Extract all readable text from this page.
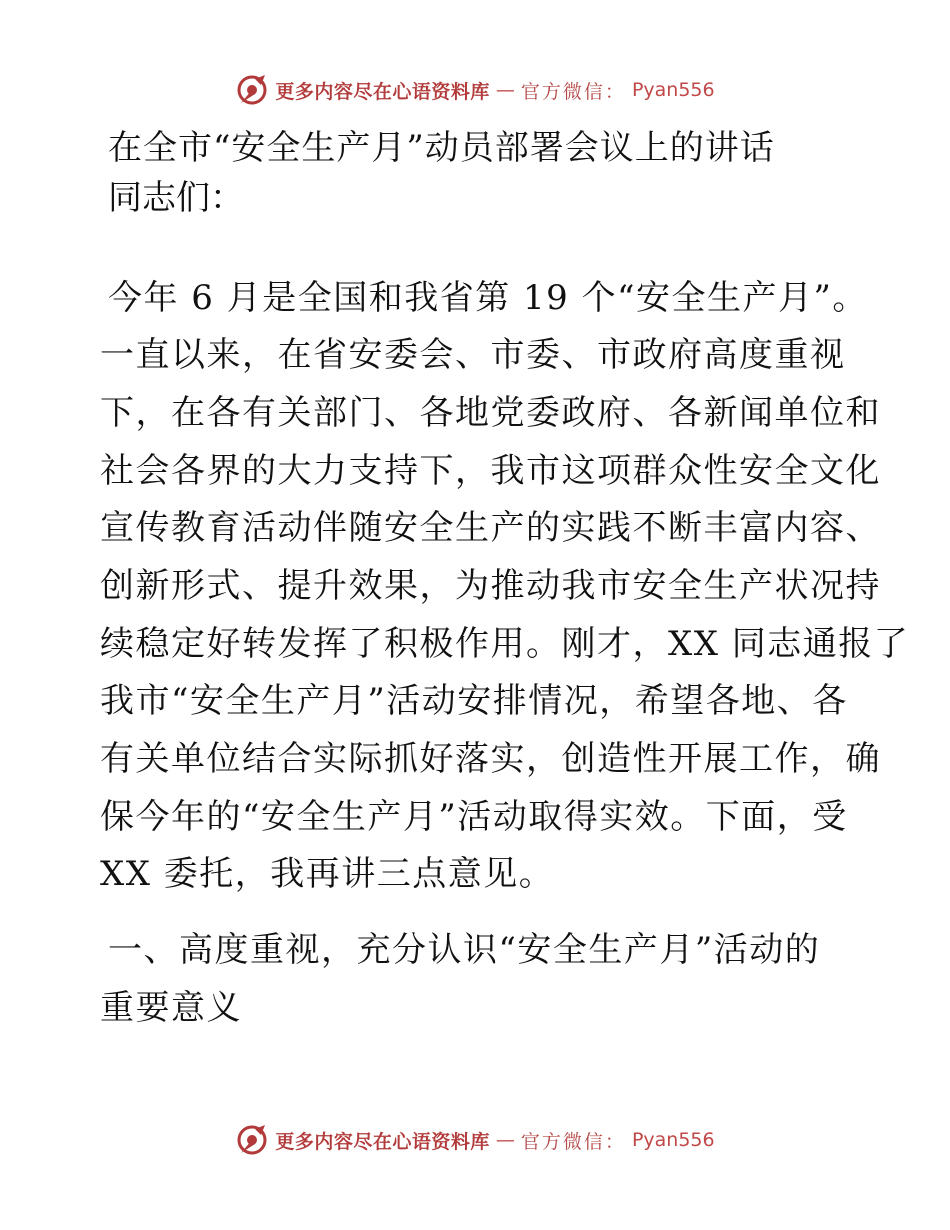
更多内容尽在心语资料库 — 官方微信： Pyan556
在全市“安全生产月”动员部署会议上的讲话
同志们：
今年 6 月是全国和我省第 19 个“安全生产月”。
一直以来，在省安委会、市委、市政府高度重视
下，在各有关部门、各地党委政府、各新闻单位和
社会各界的大力支持下，我市这项群众性安全文化
宣传教育活动伴随安全生产的实践不断丰富内容、
创新形式、提升效果，为推动我市安全生产状况持
续稳定好转发挥了积极作用。刚才，XX 同志通报了
我市“安全生产月”活动安排情况，希望各地、各
有关单位结合实际抓好落实，创造性开展工作，确
保今年的“安全生产月”活动取得实效。下面，受
XX 委托，我再讲三点意见。
一、高度重视，充分认识“安全生产月”活动的
重要意义
更多内容尽在心语资料库 — 官方微信： Pyan556
